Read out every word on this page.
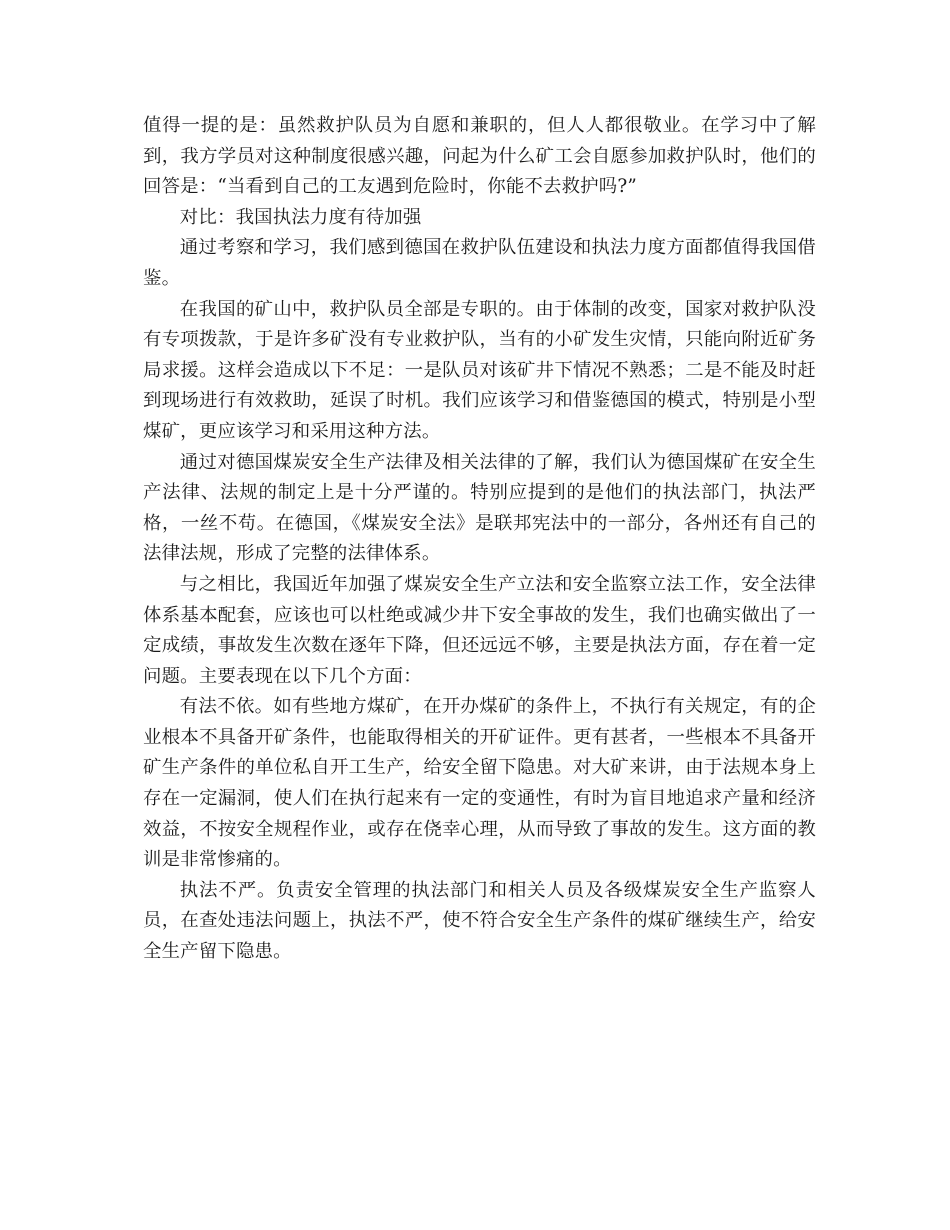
值得一提的是：虽然救护队员为自愿和兼职的，但人人都很敬业。在学习中了解到，我方学员对这种制度很感兴趣，问起为什么矿工会自愿参加救护队时，他们的回答是：“当看到自己的工友遇到危险时，你能不去救护吗?”

对比：我国执法力度有待加强

通过考察和学习，我们感到德国在救护队伍建设和执法力度方面都值得我国借鉴。

在我国的矿山中，救护队员全部是专职的。由于体制的改变，国家对救护队没有专项拨款，于是许多矿没有专业救护队，当有的小矿发生灾情，只能向附近矿务局求援。这样会造成以下不足：一是队员对该矿井下情况不熟悉；二是不能及时赶到现场进行有效救助，延误了时机。我们应该学习和借鉴德国的模式，特别是小型煤矿，更应该学习和采用这种方法。

通过对德国煤炭安全生产法律及相关法律的了解，我们认为德国煤矿在安全生产法律、法规的制定上是十分严谨的。特别应提到的是他们的执法部门，执法严格，一丝不苟。在德国，《煤炭安全法》是联邦宪法中的一部分，各州还有自己的法律法规，形成了完整的法律体系。

与之相比，我国近年加强了煤炭安全生产立法和安全监察立法工作，安全法律体系基本配套，应该也可以杜绝或减少井下安全事故的发生，我们也确实做出了一定成绩，事故发生次数在逐年下降，但还远远不够，主要是执法方面，存在着一定问题。主要表现在以下几个方面：

有法不依。如有些地方煤矿，在开办煤矿的条件上，不执行有关规定，有的企业根本不具备开矿条件，也能取得相关的开矿证件。更有甚者，一些根本不具备开矿生产条件的单位私自开工生产，给安全留下隐患。对大矿来讲，由于法规本身上存在一定漏洞，使人们在执行起来有一定的变通性，有时为盲目地追求产量和经济效益，不按安全规程作业，或存在侥幸心理，从而导致了事故的发生。这方面的教训是非常惨痛的。

执法不严。负责安全管理的执法部门和相关人员及各级煤炭安全生产监察人员，在查处违法问题上，执法不严，使不符合安全生产条件的煤矿继续生产，给安全生产留下隐患。
